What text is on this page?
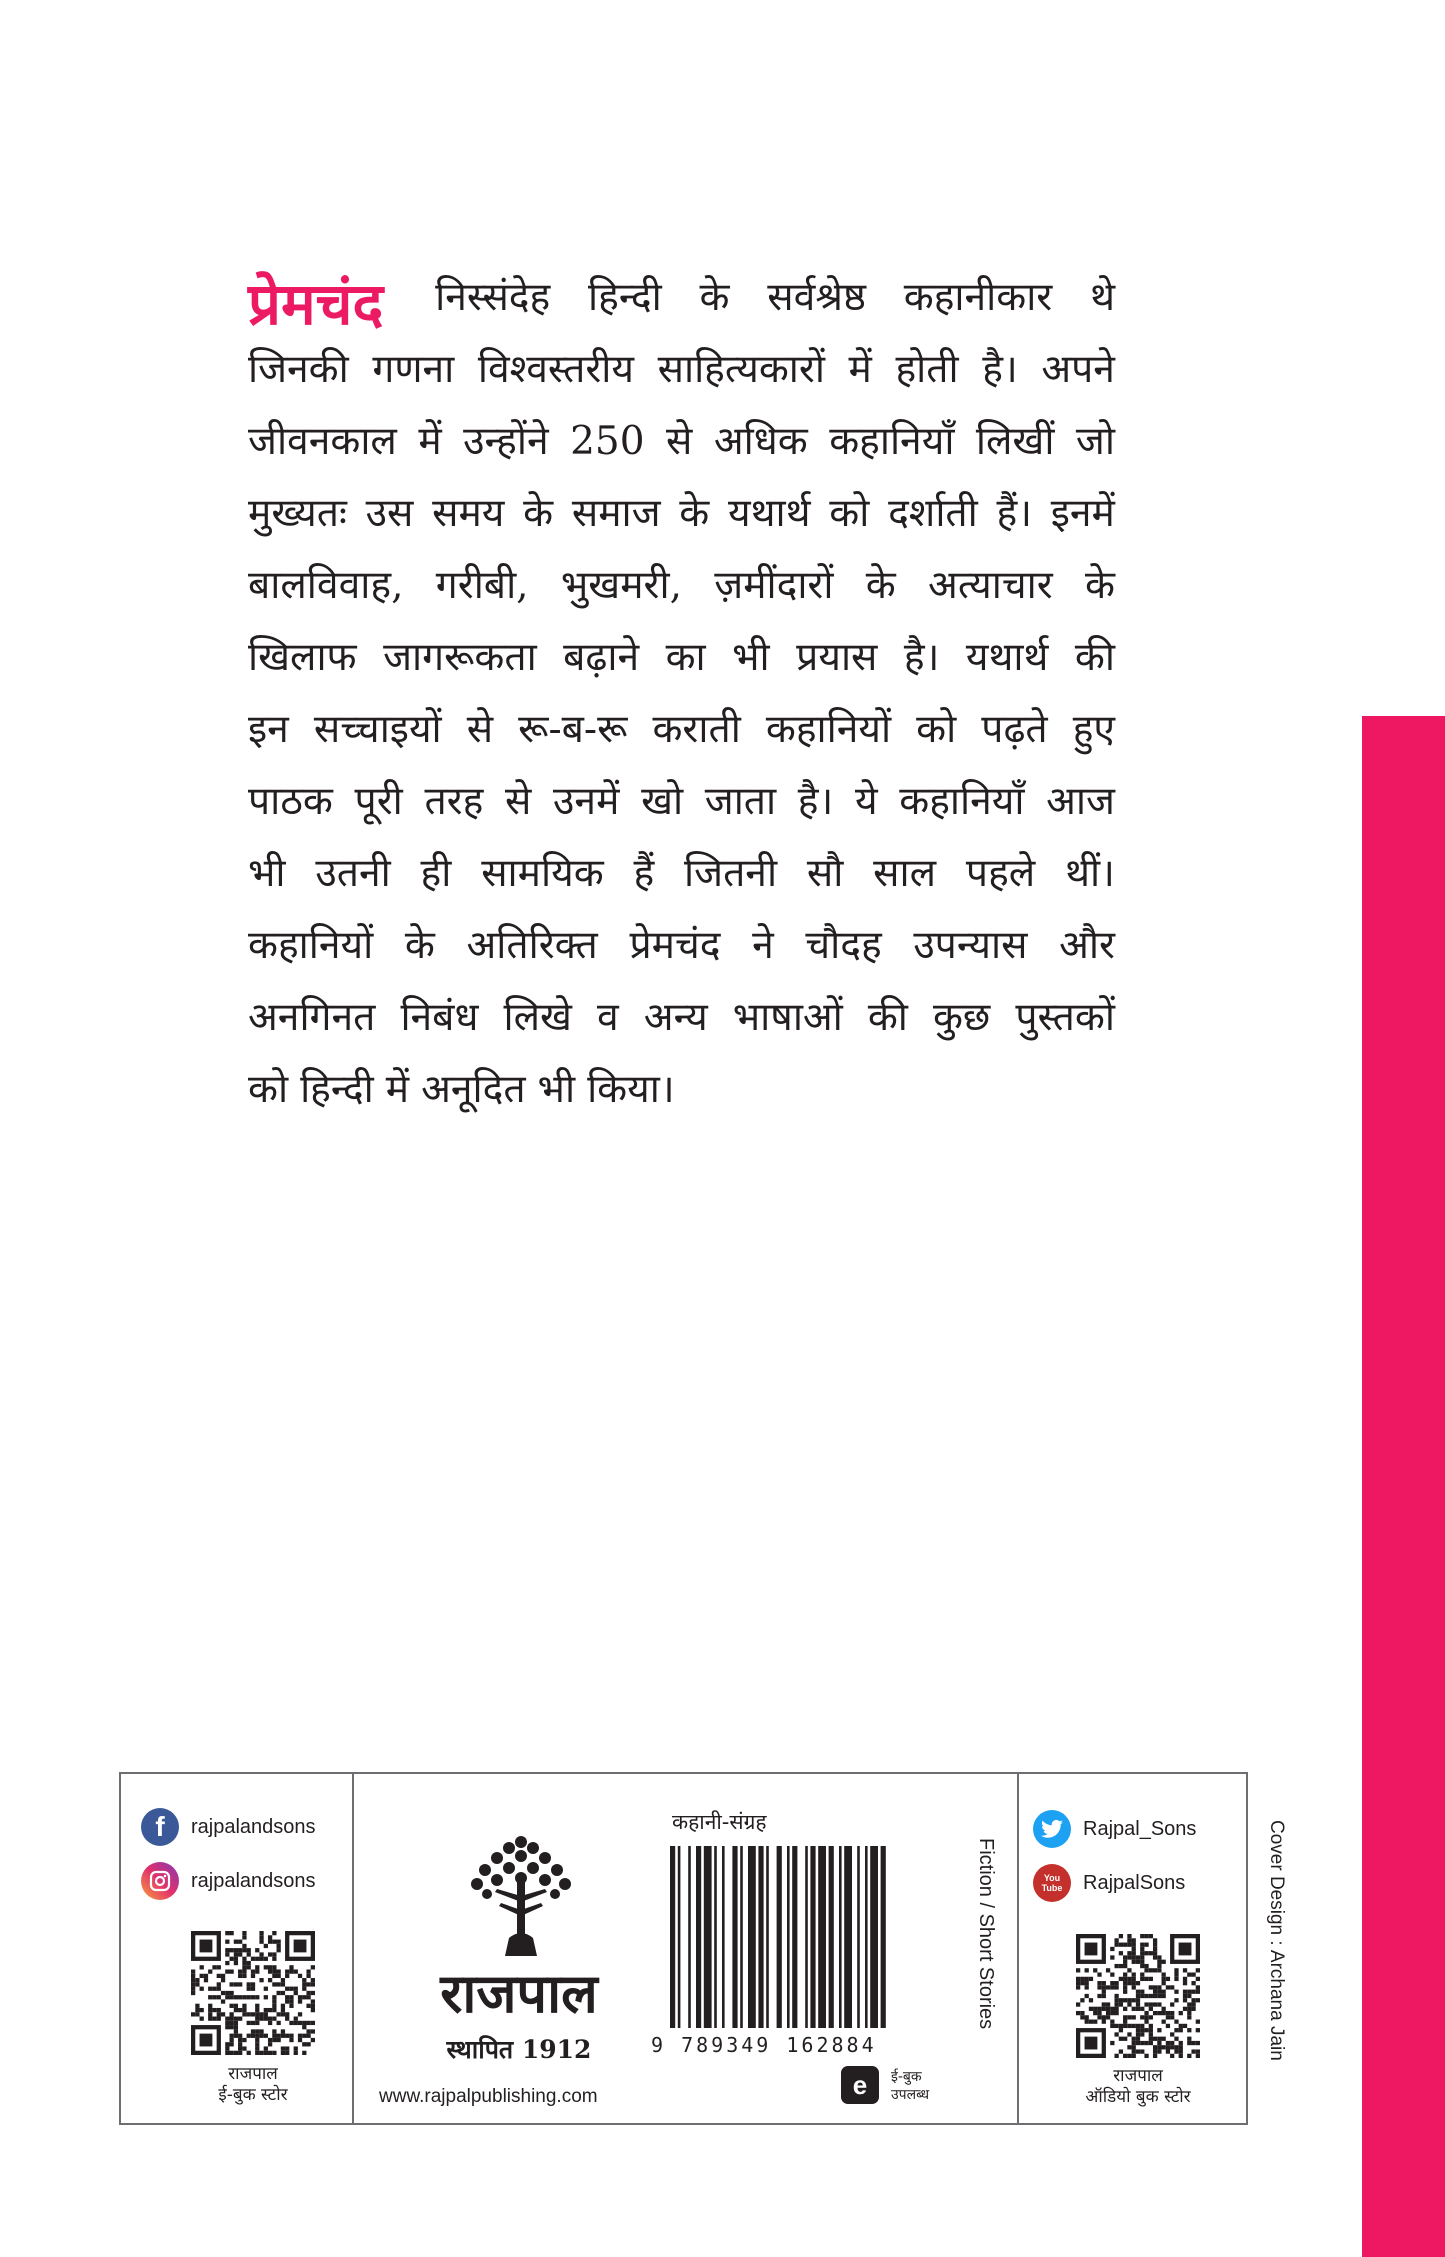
प्रेमचंद निस्संदेह हिन्दी के सर्वश्रेष्ठ कहानीकार थे
जिनकी गणना विश्वस्तरीय साहित्यकारों में होती है। अपने
जीवनकाल में उन्होंने 250 से अधिक कहानियाँ लिखीं जो
मुख्यतः उस समय के समाज के यथार्थ को दर्शाती हैं। इनमें
बालविवाह, गरीबी, भुखमरी, ज़मींदारों के अत्याचार के
खिलाफ जागरूकता बढ़ाने का भी प्रयास है। यथार्थ की
इन सच्चाइयों से रू-ब-रू कराती कहानियों को पढ़ते हुए
पाठक पूरी तरह से उनमें खो जाता है। ये कहानियाँ आज
भी उतनी ही सामयिक हैं जितनी सौ साल पहले थीं।
कहानियों के अतिरिक्त प्रेमचंद ने चौदह उपन्यास और
अनगिनत निबंध लिखे व अन्य भाषाओं की कुछ पुस्तकों
को हिन्दी में अनूदित भी किया।
f	rajpalandsons
rajpalandsons
राजपाल
ई-बुक स्टोर
राजपाल
स्थापित 1912
www.rajpalpublishing.com
कहानी-संग्रह
9 789349 162884
Fiction / Short Stories
e ई-बुक
उपलब्ध
Rajpal_Sons
You
Tube RajpalSons
राजपाल
ऑडियो बुक स्टोर
Cover Design : Archana Jain
